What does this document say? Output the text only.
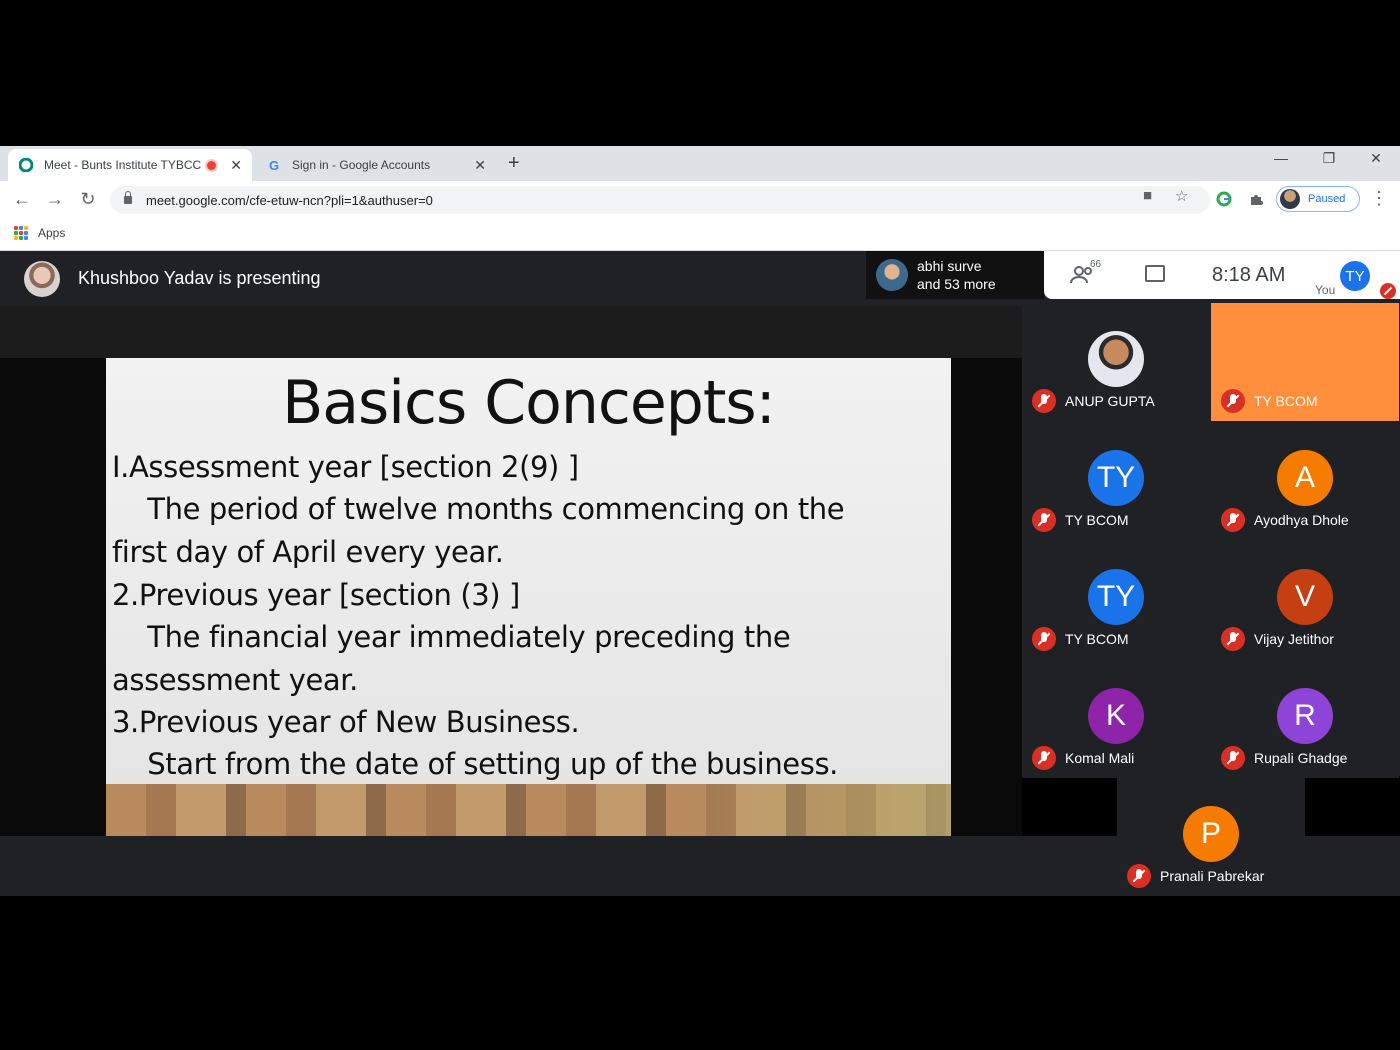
Meet - Bunts Institute TYBCC	✕ G Sign in - Google Accounts	✕ +	—	❐	✕
← → ↻	meet.google.com/cfe-etuw-ncn?pli=1&authuser=0	■ ☆	Paused ⋮
Apps
Khushboo Yadav is presenting
abhi surve
and 53 more
66	8:18 AM
You
TY
Basics Concepts:
I.Assessment year [section 2(9) ]
The period of twelve months commencing on the
first day of April every year.
2.Previous year [section (3) ]
The financial year immediately preceding the
assessment year.
3.Previous year of New Business.
Start from the date of setting up of the business.
ANUP GUPTA	TY BCOM
TY
TY BCOM
A
Ayodhya Dhole
TY
TY BCOM
V
Vijay Jetithor
K
Komal Mali
R
Rupali Ghadge
P
Pranali Pabrekar
